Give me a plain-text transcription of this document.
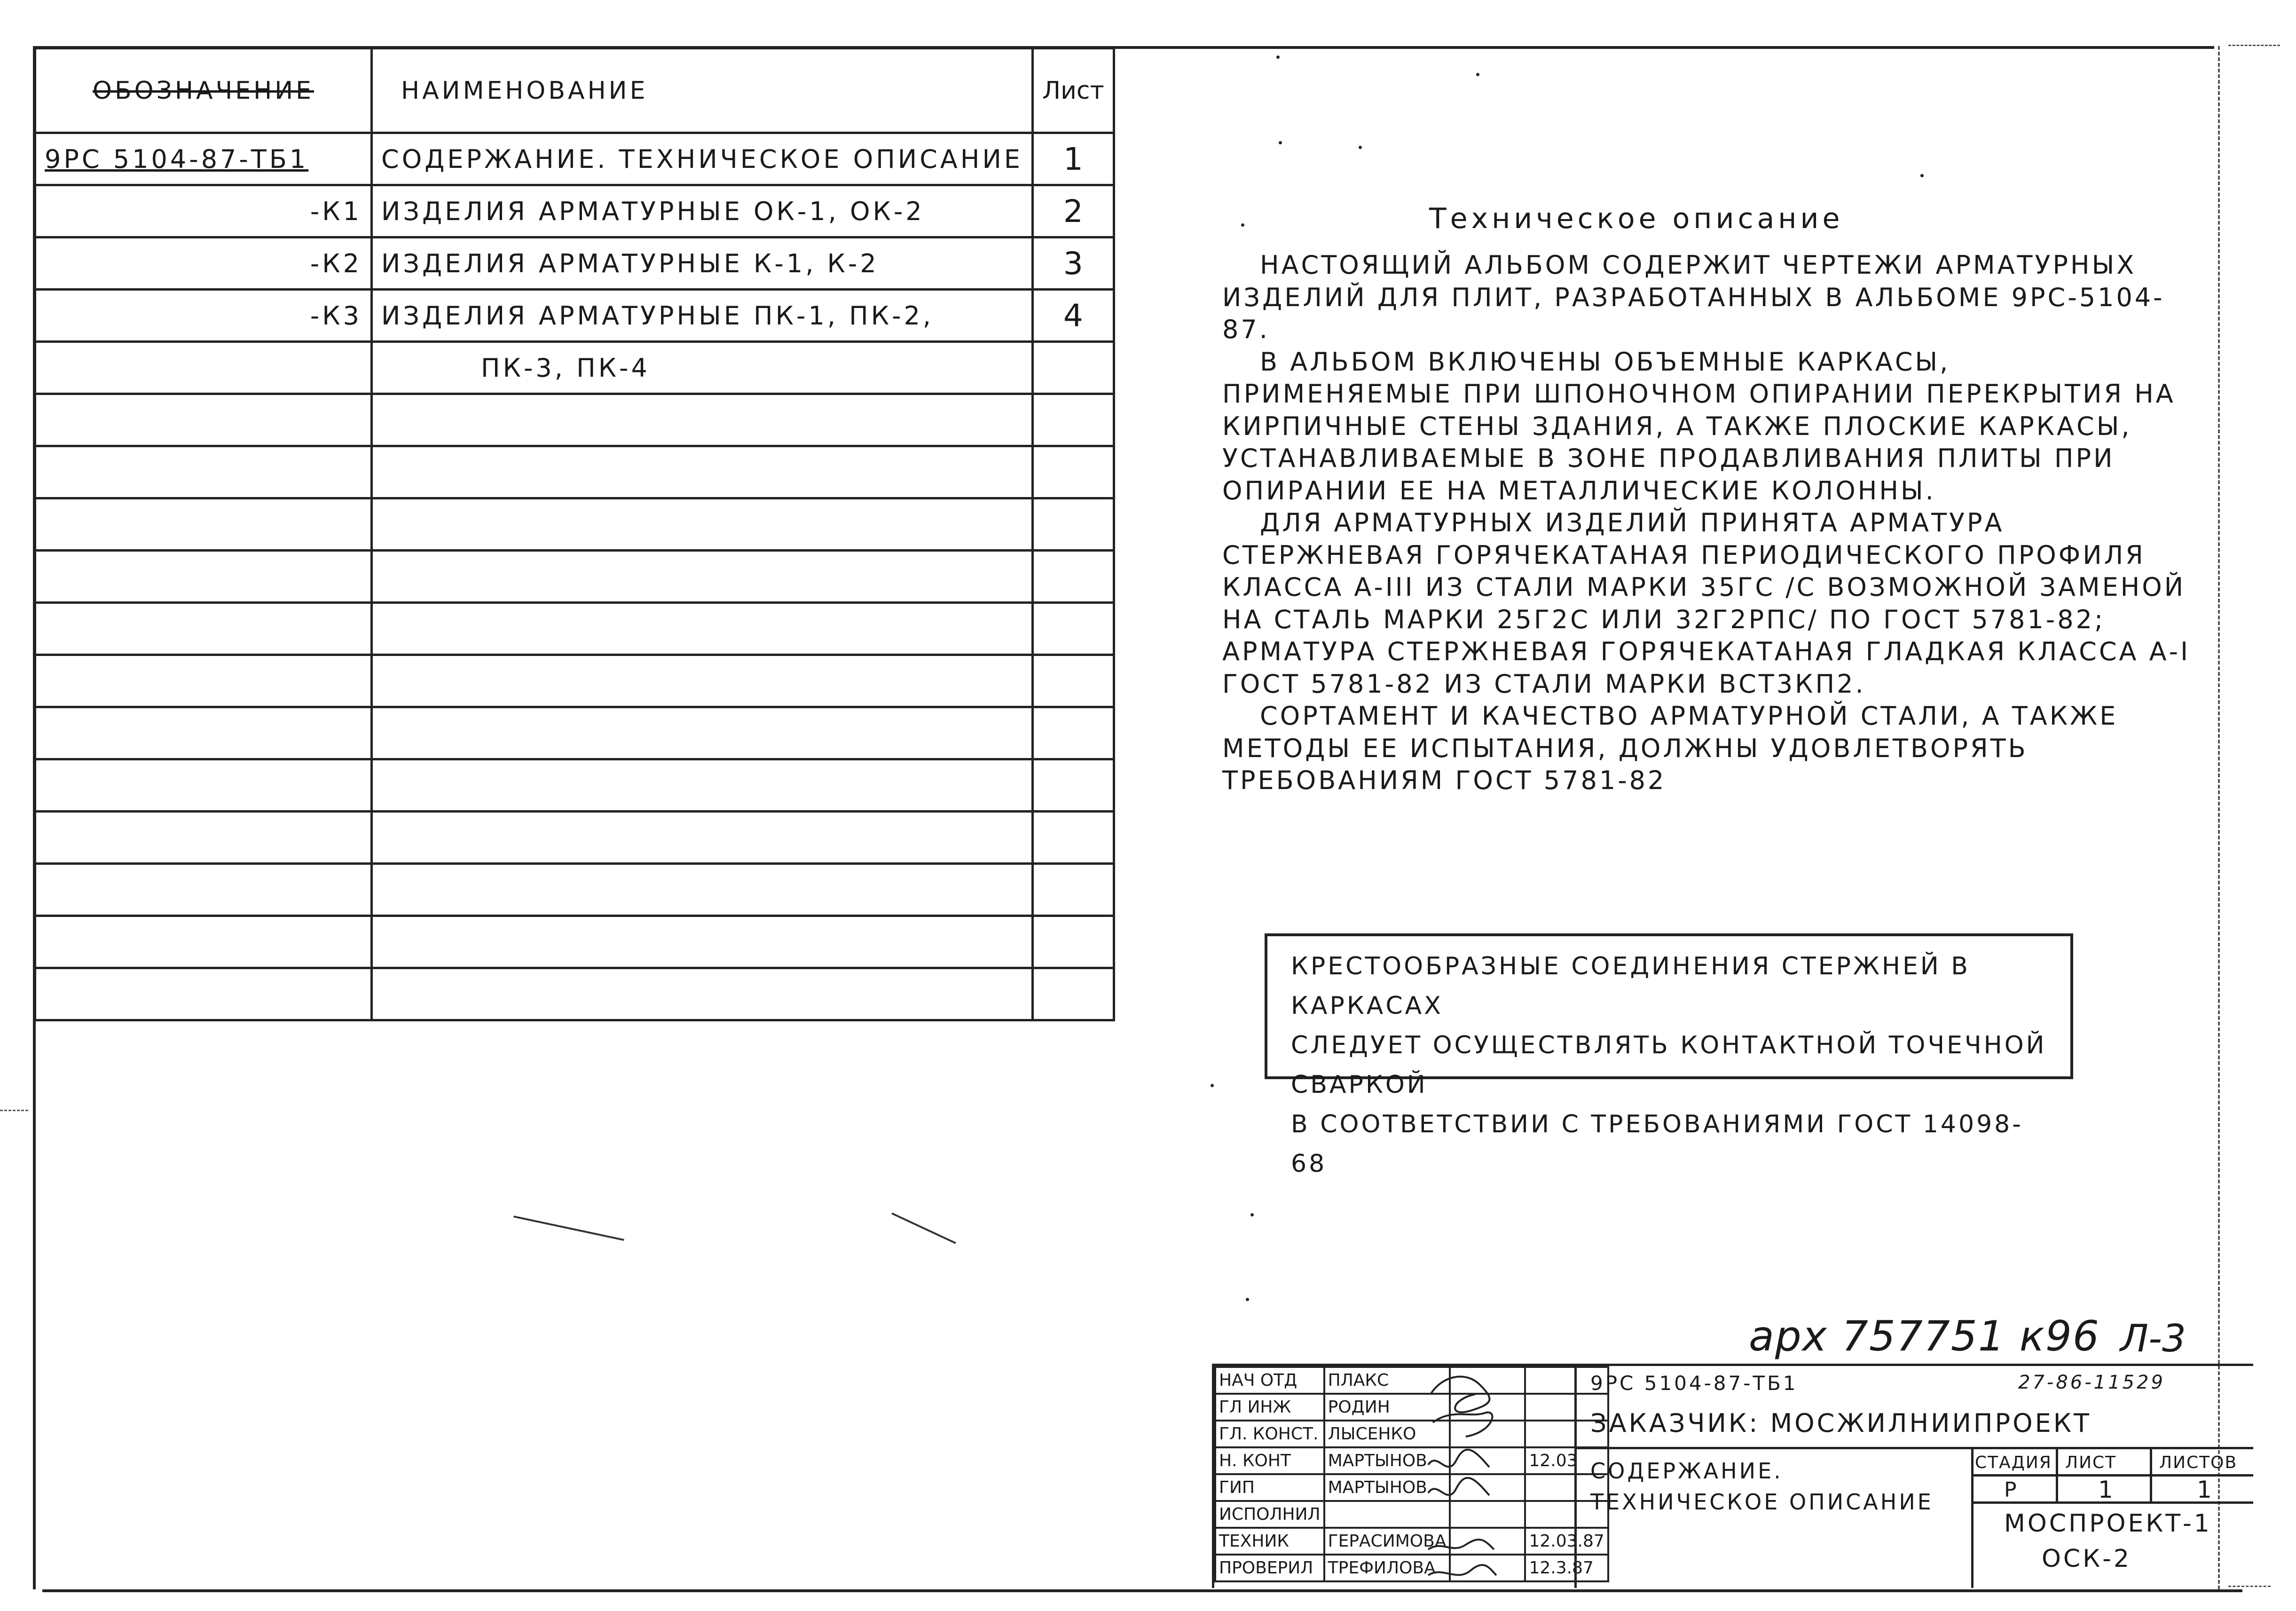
ОБОЗНАЧЕНИЕ	НАИМЕНОВАНИЕ	Лист
9РС 5104-87-ТБ1	СОДЕРЖАНИЕ. ТЕХНИЧЕСКОЕ ОПИСАНИЕ	1
-К1	ИЗДЕЛИЯ АРМАТУРНЫЕ ОК-1, ОК-2	2
-К2	ИЗДЕЛИЯ АРМАТУРНЫЕ К-1, К-2	3
-К3	ИЗДЕЛИЯ АРМАТУРНЫЕ ПК-1, ПК-2,	4
	ПК-3, ПК-4	

Техническое описание

НАСТОЯЩИЙ АЛЬБОМ СОДЕРЖИТ ЧЕРТЕЖИ АРМАТУРНЫХ ИЗДЕЛИЙ ДЛЯ ПЛИТ, РАЗРАБОТАННЫХ В АЛЬБОМЕ 9РС-5104-87.

В АЛЬБОМ ВКЛЮЧЕНЫ ОБЪЕМНЫЕ КАРКАСЫ, ПРИМЕНЯЕМЫЕ ПРИ ШПОНОЧНОМ ОПИРАНИИ ПЕРЕКРЫТИЯ НА КИРПИЧНЫЕ СТЕНЫ ЗДАНИЯ, А ТАКЖЕ ПЛОСКИЕ КАРКАСЫ, УСТАНАВЛИВАЕМЫЕ В ЗОНЕ ПРОДАВЛИВАНИЯ ПЛИТЫ ПРИ ОПИРАНИИ ЕЕ НА МЕТАЛЛИЧЕСКИЕ КОЛОННЫ.

ДЛЯ АРМАТУРНЫХ ИЗДЕЛИЙ ПРИНЯТА АРМАТУРА СТЕРЖНЕВАЯ ГОРЯЧЕКАТАНАЯ ПЕРИОДИЧЕСКОГО ПРОФИЛЯ КЛАССА А-III ИЗ СТАЛИ МАРКИ 35ГС /С ВОЗМОЖНОЙ ЗАМЕНОЙ НА СТАЛЬ МАРКИ 25Г2С ИЛИ 32Г2РПС/ ПО ГОСТ 5781-82; АРМАТУРА СТЕРЖНЕВАЯ ГОРЯЧЕКАТАНАЯ ГЛАДКАЯ КЛАССА А-I ГОСТ 5781-82 ИЗ СТАЛИ МАРКИ ВСТ3КП2.

СОРТАМЕНТ И КАЧЕСТВО АРМАТУРНОЙ СТАЛИ, А ТАКЖЕ МЕТОДЫ ЕЕ ИСПЫТАНИЯ, ДОЛЖНЫ УДОВЛЕТВОРЯТЬ ТРЕБОВАНИЯМ ГОСТ 5781-82

КРЕСТООБРАЗНЫЕ СОЕДИНЕНИЯ СТЕРЖНЕЙ В КАРКАСАХ
СЛЕДУЕТ ОСУЩЕСТВЛЯТЬ КОНТАКТНОЙ ТОЧЕЧНОЙ СВАРКОЙ
В СООТВЕТСТВИИ С ТРЕБОВАНИЯМИ ГОСТ 14098-68
арх 757751 к96 Л-3
НАЧ ОТД	ПЛАКС		
ГЛ ИНЖ	РОДИН		
ГЛ. КОНСТ.	ЛЫСЕНКО		
Н. КОНТ	МАРТЫНОВ		12.03
ГИП	МАРТЫНОВ		
ИСПОЛНИЛ			
ТЕХНИК	ГЕРАСИМОВА		12.03.87
ПРОВЕРИЛ	ТРЕФИЛОВА		12.3.87
9РС 5104-87-ТБ1	27-86-11529
ЗАКАЗЧИК: МОСЖИЛНИИПРОЕКТ
СОДЕРЖАНИЕ. ТЕХНИЧЕСКОЕ ОПИСАНИЕ
СТАДИЯ ЛИСТ	ЛИСТОВ
Р	1	1
МОСПРОЕКТ-1
ОСК-2
